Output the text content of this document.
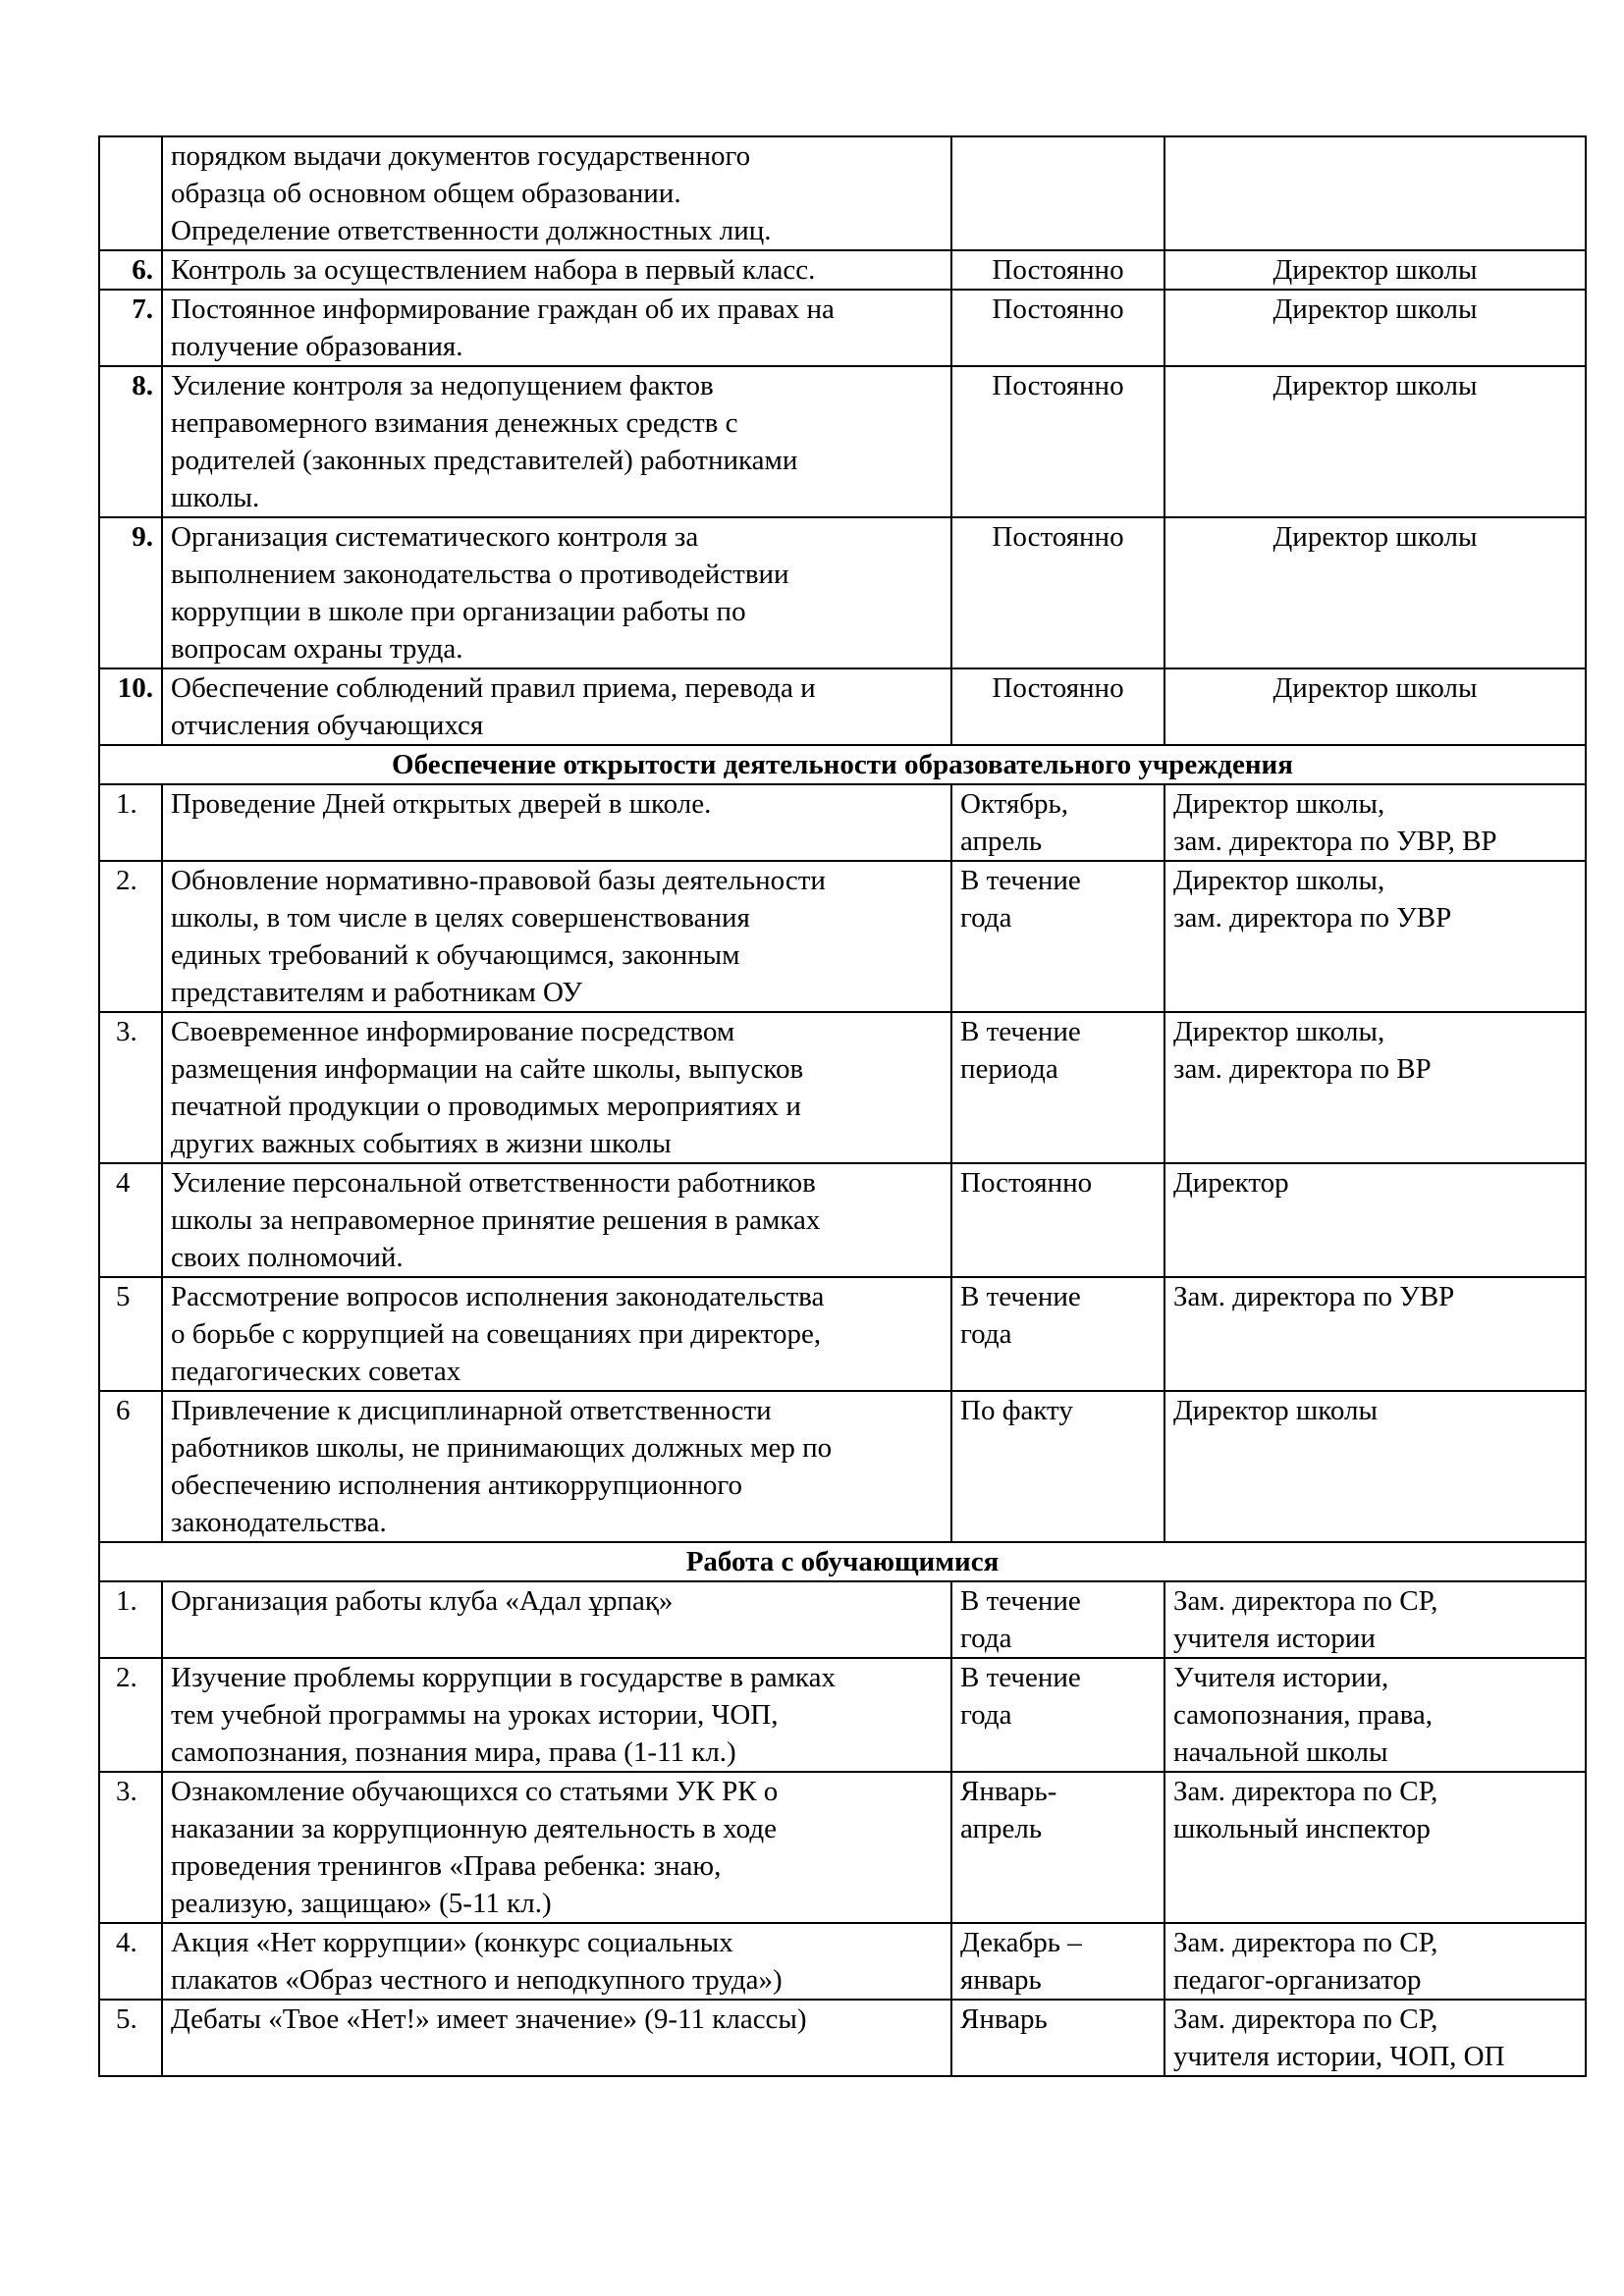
	порядком выдачи документов государственного
образца об основном общем образовании.
Определение ответственности должностных лиц.		

6.	Контроль за осуществлением набора в первый класс.	Постоянно	Директор школы

7.	Постоянное информирование граждан об их правах на
получение образования.	Постоянно	Директор школы

8.	Усиление контроля за недопущением фактов
неправомерного взимания денежных средств с
родителей (законных представителей) работниками
школы.	Постоянно	Директор школы

9.	Организация систематического контроля за
выполнением законодательства о противодействии
коррупции в школе при организации работы по
вопросам охраны труда.	Постоянно	Директор школы

10.	Обеспечение соблюдений правил приема, перевода и
отчисления обучающихся	Постоянно	Директор школы

Обеспечение открытости деятельности образовательного учреждения			
1.	Проведение Дней открытых дверей в школе.	Октябрь,
апрель	Директор школы,
зам. директора по УВР, ВР

2.	Обновление нормативно-правовой базы деятельности
школы, в том числе в целях совершенствования
единых требований к обучающимся, законным
представителям и работникам ОУ	В течение
года	Директор школы,
зам. директора по УВР

3.	Своевременное информирование посредством
размещения информации на сайте школы, выпусков
печатной продукции о проводимых мероприятиях и
других важных событиях в жизни школы	В течение
периода	Директор школы,
зам. директора по ВР

4	Усиление персональной ответственности работников
школы за неправомерное принятие решения в рамках
своих полномочий.	Постоянно	Директор

5	Рассмотрение вопросов исполнения законодательства
о борьбе с коррупцией на совещаниях при директоре,
педагогических советах	В течение
года	Зам. директора по УВР

6	Привлечение к дисциплинарной ответственности
работников школы, не принимающих должных мер по
обеспечению исполнения антикоррупционного
законодательства.	По факту	Директор школы

Работа с обучающимися			
1.	Организация работы клуба «Адал ұрпақ»	В течение
года	Зам. директора по СР,
учителя истории

2.	Изучение проблемы коррупции в государстве в рамках
тем учебной программы на уроках истории, ЧОП,
самопознания, познания мира, права (1-11 кл.)	В течение
года	Учителя истории,
самопознания, права,
начальной школы

3.	Ознакомление обучающихся со статьями УК РК о
наказании за коррупционную деятельность в ходе
проведения тренингов «Права ребенка: знаю,
реализую, защищаю» (5-11 кл.)	Январь-
апрель	Зам. директора по СР,
школьный инспектор

4.	Акция «Нет коррупции» (конкурс социальных
плакатов «Образ честного и неподкупного труда»)	Декабрь –
январь	Зам. директора по СР,
педагог-организатор

5.	Дебаты «Твое «Нет!» имеет значение» (9-11 классы)	Январь	Зам. директора по СР,
учителя истории, ЧОП, ОП
